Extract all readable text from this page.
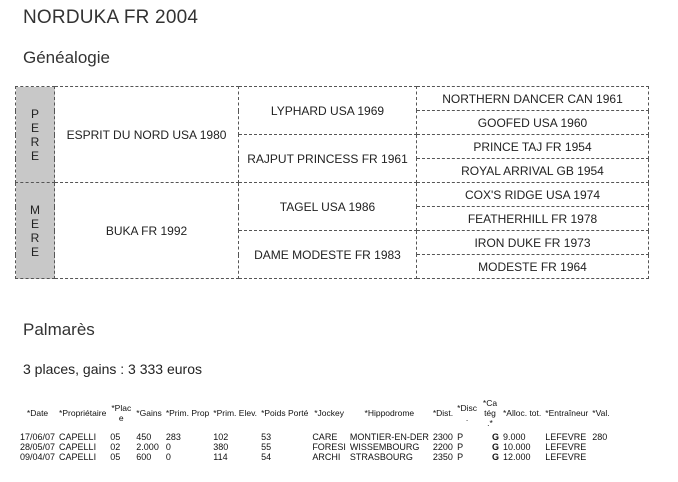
NORDUKA FR 2004
Généalogie
P
E
R
E	ESPRIT DU NORD USA 1980	LYPHARD USA 1969	NORTHERN DANCER CAN 1961
			GOOFED USA 1960
		RAJPUT PRINCESS FR 1961	PRINCE TAJ FR 1954
			ROYAL ARRIVAL GB 1954

M
E
R
E	BUKA FR 1992	TAGEL USA 1986	COX'S RIDGE USA 1974
			FEATHERHILL FR 1978
		DAME MODESTE FR 1983	IRON DUKE FR 1973
			MODESTE FR 1964
Palmarès
3 places, gains : 3 333 euros
*Date	*Propriétaire	*Plac e	*Gains	*Prim. Prop	*Prim. Elev.	*Poids Porté	*Jockey	*Hippodrome	*Dist.	*Disc .	*Ca tég .*	*Alloc. tot.	*Entraîneur	*Val.
17/06/07	CAPELLI	05	450	283	102	53	CARE	MONTIER-EN-DER	2300	P	G	9.000	LEFEVRE	280
28/05/07	CAPELLI	02	2.000	0	380	55	FORESI	WISSEMBOURG	2200	P	G	10.000	LEFEVRE	
09/04/07	CAPELLI	05	600	0	114	54	ARCHI	STRASBOURG	2350	P	G	12.000	LEFEVRE	
